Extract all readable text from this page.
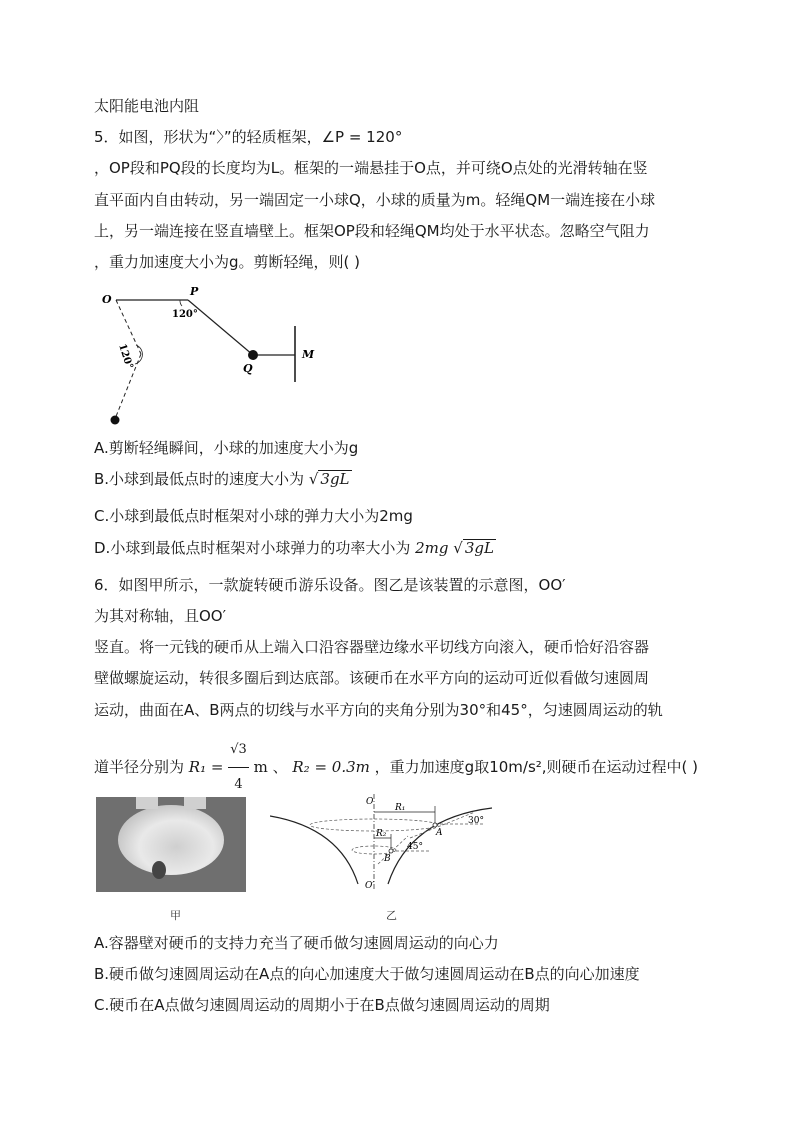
太阳能电池内阻
5．如图，形状为“〉”的轻质框架，∠P = 120°
，OP段和PQ段的长度均为L。框架的一端悬挂于O点，并可绕O点处的光滑转轴在竖
直平面内自由转动，另一端固定一小球Q，小球的质量为m。轻绳QM一端连接在小球
上，另一端连接在竖直墙壁上。框架OP段和轻绳QM均处于水平状态。忽略空气阻力
，重力加速度大小为g。剪断轻绳，则( )
O
P
120°
Q
M
120°
A.剪断轻绳瞬间，小球的加速度大小为g
B.小球到最低点时的速度大小为 √ 3gL
C.小球到最低点时框架对小球的弹力大小为2mg
D.小球到最低点时框架对小球弹力的功率大小为 2mg √ 3gL
6．如图甲所示，一款旋转硬币游乐设备。图乙是该装置的示意图，OO′
为其对称轴，且OO′
竖直。将一元钱的硬币从上端入口沿容器壁边缘水平切线方向滚入，硬币恰好沿容器
壁做螺旋运动，转很多圈后到达底部。该硬币在水平方向的运动可近似看做匀速圆周
运动，曲面在A、B两点的切线与水平方向的夹角分别为30°和45°，匀速圆周运动的轨
道半径分别为 $R_1 = \frac{√3}{4}$ m 、 R₂ = 0.3m ，重力加速度g取10m/s²,则硬币在运动过程中( )
甲
O
O′
R₁
R₂	A
B
30°
45°
乙
A.容器壁对硬币的支持力充当了硬币做匀速圆周运动的向心力
B.硬币做匀速圆周运动在A点的向心加速度大于做匀速圆周运动在B点的向心加速度
C.硬币在A点做匀速圆周运动的周期小于在B点做匀速圆周运动的周期
